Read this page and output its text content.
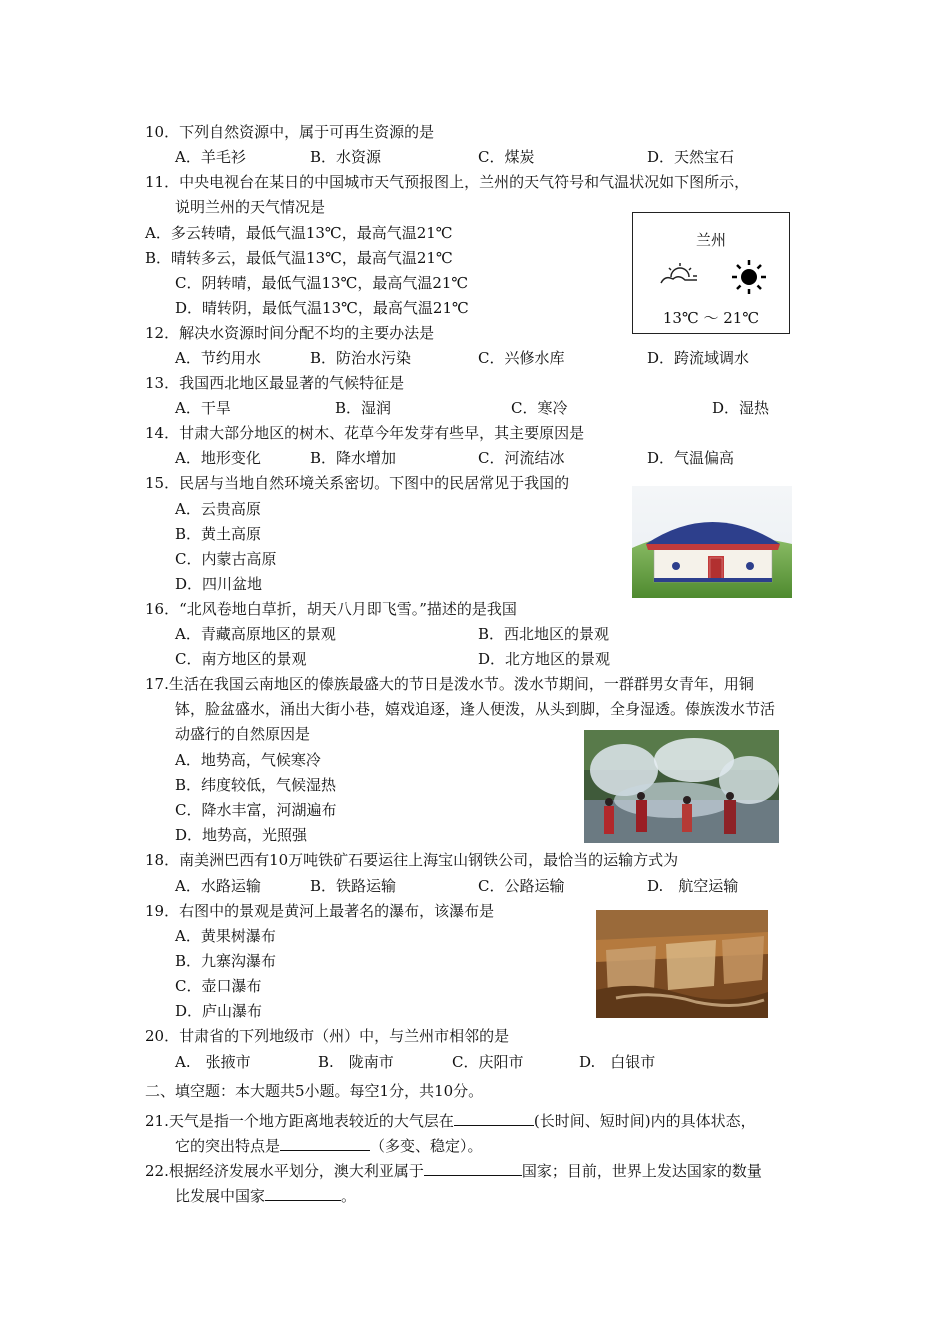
10．下列自然资源中，属于可再生资源的是
A．羊毛衫	B．水资源	C．煤炭	D．天然宝石
11．中央电视台在某日的中国城市天气预报图上，兰州的天气符号和气温状况如下图所示，
说明兰州的天气情况是
A．多云转晴，最低气温13℃，最高气温21℃
B．晴转多云，最低气温13℃，最高气温21℃
C．阴转晴，最低气温13℃，最高气温21℃
D．晴转阴，最低气温13℃，最高气温21℃
兰州
13℃ ～ 21℃
12．解决水资源时间分配不均的主要办法是
A．节约用水	B．防治水污染	C．兴修水库	D．跨流域调水
13．我国西北地区最显著的气候特征是
A．干旱	B．湿润	C．寒冷	D．湿热
14．甘肃大部分地区的树木、花草今年发芽有些早，其主要原因是
A．地形变化	B．降水增加	C．河流结冰	D．气温偏高
15．民居与当地自然环境关系密切。下图中的民居常见于我国的
A．云贵高原
B．黄土高原
C．内蒙古高原
D．四川盆地
16．“北风卷地白草折，胡天八月即飞雪。”描述的是我国
A．青藏高原地区的景观	B．西北地区的景观
C．南方地区的景观	D．北方地区的景观
17.生活在我国云南地区的傣族最盛大的节日是泼水节。泼水节期间，一群群男女青年，用铜
钵，脸盆盛水，涌出大街小巷，嬉戏追逐，逢人便泼，从头到脚，全身湿透。傣族泼水节活
动盛行的自然原因是
A．地势高，气候寒冷
B．纬度较低，气候湿热
C．降水丰富，河湖遍布
D．地势高，光照强
18．南美洲巴西有10万吨铁矿石要运往上海宝山钢铁公司，最恰当的运输方式为
A．水路运输	B．铁路运输	C．公路运输	D.　航空运输
19．右图中的景观是黄河上最著名的瀑布，该瀑布是
A．黄果树瀑布
B．九寨沟瀑布
C．壶口瀑布
D．庐山瀑布
20．甘肃省的下列地级市（州）中，与兰州市相邻的是
A.　张掖市	B.　陇南市	C．庆阳市	D.　白银市
二、填空题：本大题共5小题。每空1分，共10分。
21.天气是指一个地方距离地表较近的大气层在	(长时间、短时间)内的具体状态，
它的突出特点是	（多变、稳定）。
22.根据经济发展水平划分，澳大利亚属于	国家；目前，世界上发达国家的数量
比发展中国家	。
